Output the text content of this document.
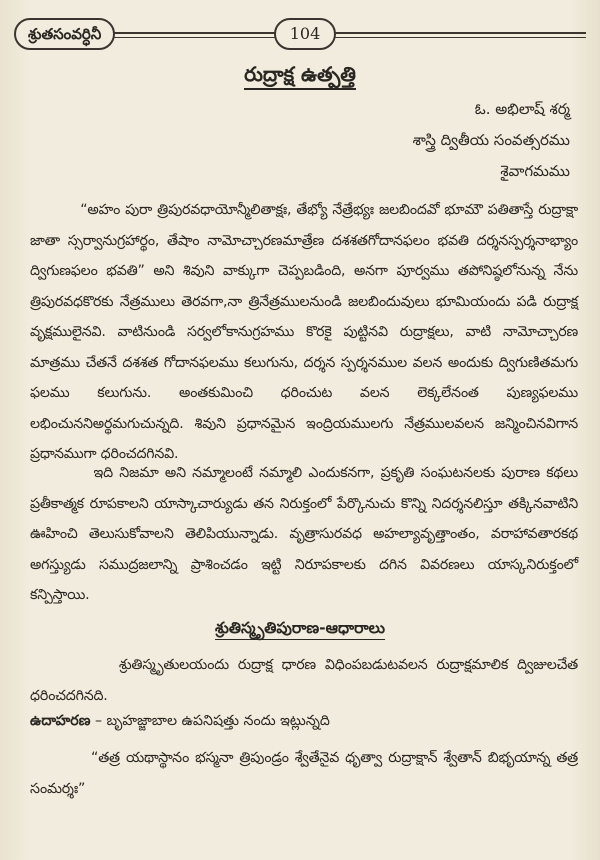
శ్రుతసంవర్ధినీ	104
రుద్రాక్ష ఉత్పత్తి
ఓ. అభిలాష్ శర్మ
శాస్త్రి ద్వితీయ సంవత్సరము
శైవాగమము
“అహం పురా త్రిపురవధాయోన్మీలితాక్షః, తేభ్యో నేత్రేభ్యః జలబిందవో భూమౌ పతితాస్తే రుద్రాక్షా జాతా స్సర్వానుగ్రహార్థం, తేషాం నామోచ్చారణమాత్రేణ దశశతగోదానఫలం భవతి దర్శనస్పర్శనాభ్యాం ద్విగుణఫలం భవతి” అని శివుని వాక్కుగా చెప్పబడింది, అనగా పూర్వము తపోనిష్ఠలోనున్న నేను త్రిపురవధకొరకు నేత్రములు తెరవగా,నా త్రినేత్రములనుండి జలబిందువులు భూమియందు పడి రుద్రాక్ష వృక్షములైనవి. వాటినుండి సర్వలోకానుగ్రహము కొరకై పుట్టినవి రుద్రాక్షలు, వాటి నామోచ్చారణ మాత్రము చేతనే దశశత గోదానఫలము కలుగును, దర్శన స్పర్శనముల వలన అందుకు ద్విగుణితమగు ఫలము కలుగును. అంతకుమించి ధరించుట వలన లెక్కలేనంత పుణ్యఫలము లభించుననిఅర్థమగుచున్నది. శివుని ప్రధానమైన ఇంద్రియములగు నేత్రములవలన జన్మించినవిగాన ప్రధానముగా ధరించదగినవి.
ఇది నిజమా అని నమ్మాలంటే నమ్మాలి ఎందుకనగా, ప్రకృతి సంఘటనలకు పురాణ కథలు ప్రతీకాత్మక రూపకాలని యాస్కాచార్యుడు తన నిరుక్తంలో పేర్కొనుచు కొన్ని నిదర్శనలిస్తూ తక్కినవాటిని ఊహించి తెలుసుకోవాలని తెలిపియున్నాడు. వృత్రాసురవధ అహల్యావృత్తాంతం, వరాహావతారకథ అగస్త్యుడు సముద్రజలాన్ని ప్రాశించడం ఇట్టి నిరూపకాలకు దగిన వివరణలు యాస్కనిరుక్తంలో కన్పిస్తాయి.
శ్రుతిస్మృతిపురాణ-ఆధారాలు
శ్రుతిస్మృతులయందు రుద్రాక్ష ధారణ విధింపబడుటవలన రుద్రాక్షమాలిక ద్విజులచేత ధరించదగినది.
ఉదాహరణ – బృహజ్జాబాల ఉపనిషత్తు నందు ఇట్లున్నది
“తత్ర యథాస్థానం భస్మనా త్రిపుండ్రం శ్వేతేనైవ ధృత్వా రుద్రాక్షాన్ శ్వేతాన్ బిభృయాన్న తత్ర సంమర్శః”
